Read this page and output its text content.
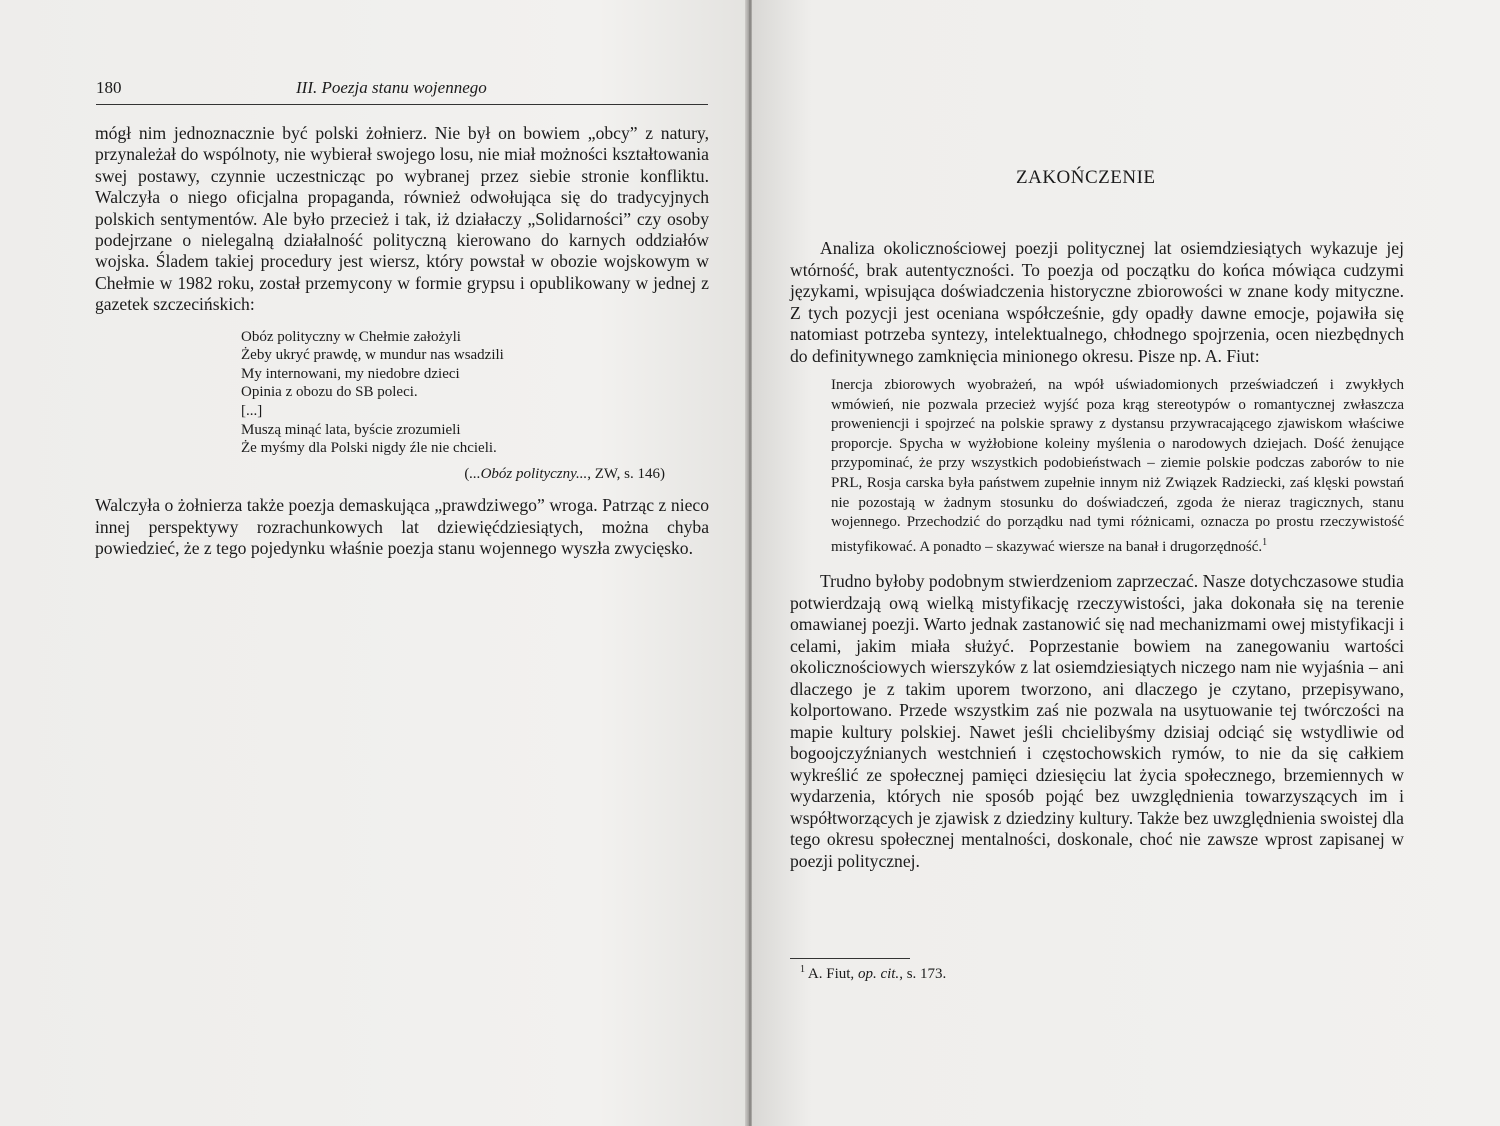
180	III. Poezja stanu wojennego

mógł nim jednoznacznie być polski żołnierz. Nie był on bowiem „obcy” z natury, przynależał do wspólnoty, nie wybierał swojego losu, nie miał możności kształtowania swej postawy, czynnie uczestnicząc po wybranej przez siebie stronie konfliktu. Walczyła o niego oficjalna propaganda, również odwołująca się do tradycyjnych polskich sentymentów. Ale było przecież i tak, iż działaczy „Solidarności” czy osoby podejrzane o nielegalną działalność polityczną kierowano do karnych oddziałów wojska. Śladem takiej procedury jest wiersz, który powstał w obozie wojskowym w Chełmie w 1982 roku, został przemycony w formie grypsu i opublikowany w jednej z gazetek szczecińskich:

Obóz polityczny w Chełmie założyli
Żeby ukryć prawdę, w mundur nas wsadzili
My internowani, my niedobre dzieci
Opinia z obozu do SB poleci.
[...]
Muszą minąć lata, byście zrozumieli
Że myśmy dla Polski nigdy źle nie chcieli.
(...Obóz polityczny..., ZW, s. 146)

Walczyła o żołnierza także poezja demaskująca „prawdziwego” wroga. Patrząc z nieco innej perspektywy rozrachunkowych lat dziewięćdziesiątych, można chyba powiedzieć, że z tego pojedynku właśnie poezja stanu wojennego wyszła zwycięsko.

ZAKOŃCZENIE

Analiza okolicznościowej poezji politycznej lat osiemdziesiątych wykazuje jej wtórność, brak autentyczności. To poezja od początku do końca mówiąca cudzymi językami, wpisująca doświadczenia historyczne zbiorowości w znane kody mityczne. Z tych pozycji jest oceniana współcześnie, gdy opadły dawne emocje, pojawiła się natomiast potrzeba syntezy, intelektualnego, chłodnego spojrzenia, ocen niezbędnych do definitywnego zamknięcia minionego okresu. Pisze np. A. Fiut:

Inercja zbiorowych wyobrażeń, na wpół uświadomionych przeświadczeń i zwykłych wmówień, nie pozwala przecież wyjść poza krąg stereotypów o romantycznej zwłaszcza proweniencji i spojrzeć na polskie sprawy z dystansu przywracającego zjawiskom właściwe proporcje. Spycha w wyżłobione koleiny myślenia o narodowych dziejach. Dość żenujące przypominać, że przy wszystkich podobieństwach – ziemie polskie podczas zaborów to nie PRL, Rosja carska była państwem zupełnie innym niż Związek Radziecki, zaś klęski powstań nie pozostają w żadnym stosunku do doświadczeń, zgoda że nieraz tragicznych, stanu wojennego. Przechodzić do porządku nad tymi różnicami, oznacza po prostu rzeczywistość mistyfikować. A ponadto – skazywać wiersze na banał i drugorzędność.$^1$

Trudno byłoby podobnym stwierdzeniom zaprzeczać. Nasze dotychczasowe studia potwierdzają ową wielką mistyfikację rzeczywistości, jaka dokonała się na terenie omawianej poezji. Warto jednak zastanowić się nad mechanizmami owej mistyfikacji i celami, jakim miała służyć. Poprzestanie bowiem na zanegowaniu wartości okolicznościowych wierszyków z lat osiemdziesiątych niczego nam nie wyjaśnia – ani dlaczego je z takim uporem tworzono, ani dlaczego je czytano, przepisywano, kolportowano. Przede wszystkim zaś nie pozwala na usytuowanie tej twórczości na mapie kultury polskiej. Nawet jeśli chcielibyśmy dzisiaj odciąć się wstydliwie od bogoojczyźnianych westchnień i częstochowskich rymów, to nie da się całkiem wykreślić ze społecznej pamięci dziesięciu lat życia społecznego, brzemiennych w wydarzenia, których nie sposób pojąć bez uwzględnienia towarzyszących im i współtworzących je zjawisk z dziedziny kultury. Także bez uwzględnienia swoistej dla tego okresu społecznej mentalności, doskonale, choć nie zawsze wprost zapisanej w poezji politycznej.

$^1$ A. Fiut, op. cit., s. 173.
